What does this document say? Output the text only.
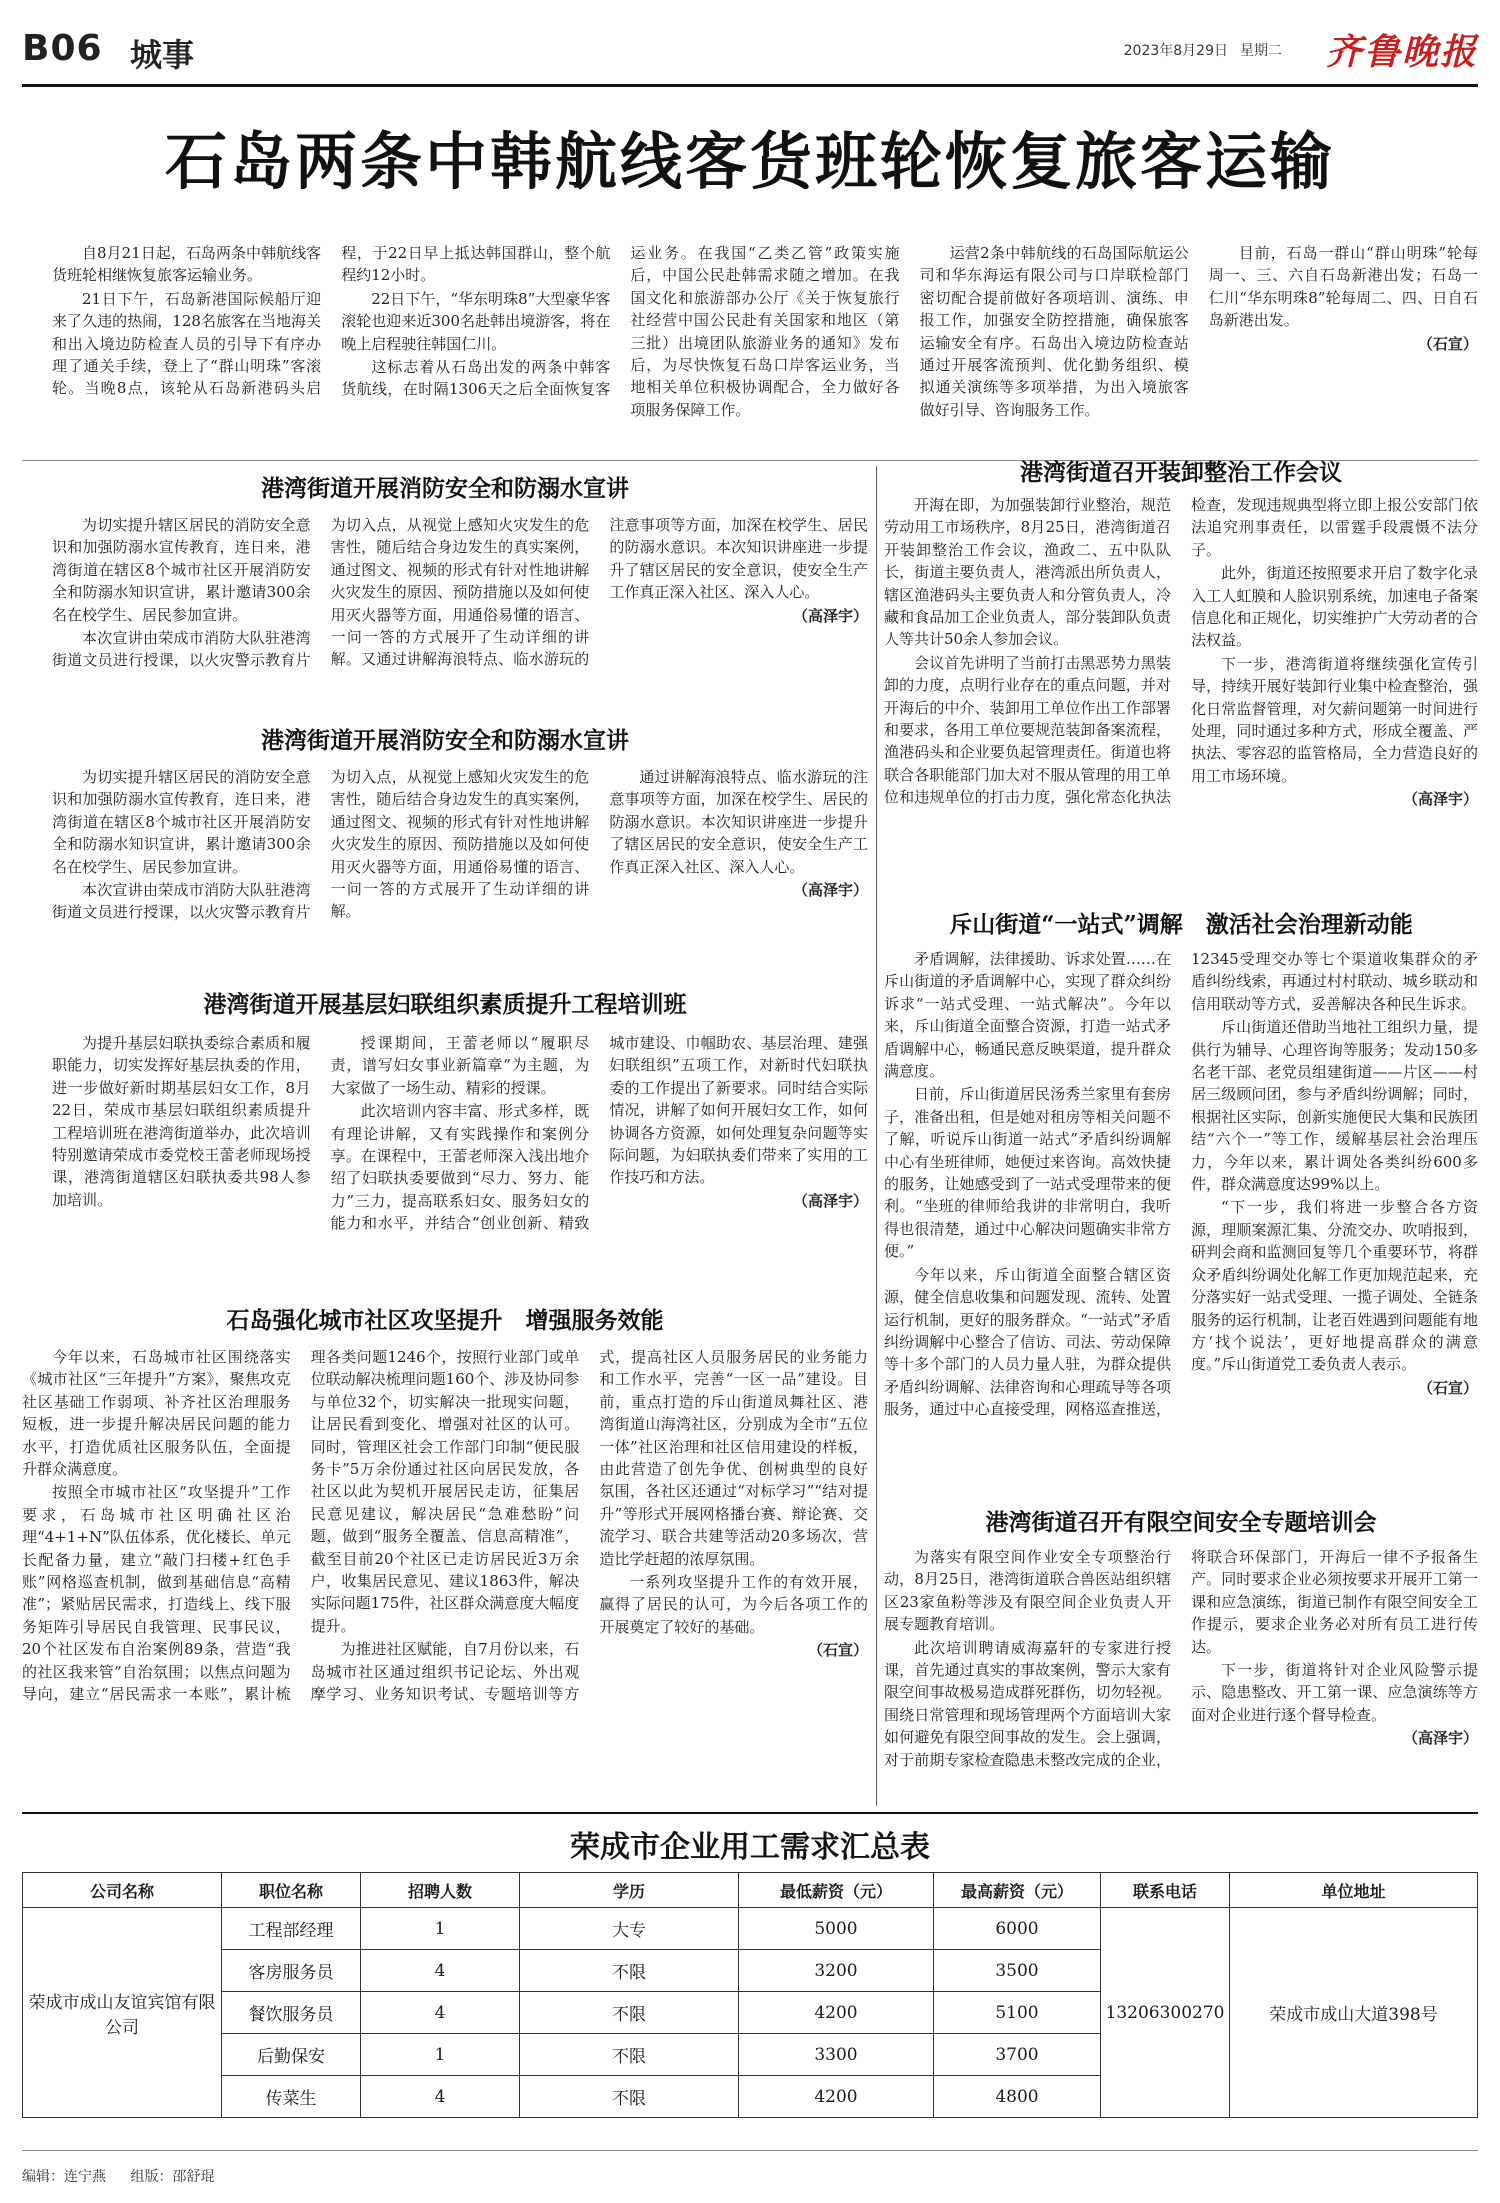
B06 城事	2023年8月29日 星期二 齐鲁晚报
石岛两条中韩航线客货班轮恢复旅客运输

自8月21日起，石岛两条中韩航线客货班轮相继恢复旅客运输业务。

21日下午，石岛新港国际候船厅迎来了久违的热闹，128名旅客在当地海关和出入境边防检查人员的引导下有序办理了通关手续，登上了“群山明珠”客滚轮。当晚8点，该轮从石岛新港码头启程，于22日早上抵达韩国群山，整个航程约12小时。

22日下午，“华东明珠8”大型豪华客滚轮也迎来近300名赴韩出境游客，将在晚上启程驶往韩国仁川。

这标志着从石岛出发的两条中韩客货航线，在时隔1306天之后全面恢复客运业务。在我国“乙类乙管”政策实施后，中国公民赴韩需求随之增加。在我国文化和旅游部办公厅《关于恢复旅行社经营中国公民赴有关国家和地区（第三批）出境团队旅游业务的通知》发布后，为尽快恢复石岛口岸客运业务，当地相关单位积极协调配合，全力做好各项服务保障工作。

运营2条中韩航线的石岛国际航运公司和华东海运有限公司与口岸联检部门密切配合提前做好各项培训、演练、申报工作，加强安全防控措施，确保旅客运输安全有序。石岛出入境边防检查站通过开展客流预判、优化勤务组织、模拟通关演练等多项举措，为出入境旅客做好引导、咨询服务工作。

目前，石岛一群山“群山明珠”轮每周一、三、六自石岛新港出发；石岛一仁川“华东明珠8”轮每周二、四、日自石岛新港出发。

（石宣）

港湾街道开展消防安全和防溺水宣讲

为切实提升辖区居民的消防安全意识和加强防溺水宣传教育，连日来，港湾街道在辖区8个城市社区开展消防安全和防溺水知识宣讲，累计邀请300余名在校学生、居民参加宣讲。

本次宣讲由荣成市消防大队驻港湾街道文员进行授课，以火灾警示教育片为切入点，从视觉上感知火灾发生的危害性，随后结合身边发生的真实案例，通过图文、视频的形式有针对性地讲解火灾发生的原因、预防措施以及如何使用灭火器等方面，用通俗易懂的语言、一问一答的方式展开了生动详细的讲解。又通过讲解海浪特点、临水游玩的注意事项等方面，加深在校学生、居民的防溺水意识。本次知识讲座进一步提升了辖区居民的安全意识，使安全生产工作真正深入社区、深入人心。

（高泽宇）

港湾街道开展消防安全和防溺水宣讲

为切实提升辖区居民的消防安全意识和加强防溺水宣传教育，连日来，港湾街道在辖区8个城市社区开展消防安全和防溺水知识宣讲，累计邀请300余名在校学生、居民参加宣讲。

本次宣讲由荣成市消防大队驻港湾街道文员进行授课，以火灾警示教育片为切入点，从视觉上感知火灾发生的危害性，随后结合身边发生的真实案例，通过图文、视频的形式有针对性地讲解火灾发生的原因、预防措施以及如何使用灭火器等方面，用通俗易懂的语言、一问一答的方式展开了生动详细的讲解。

通过讲解海浪特点、临水游玩的注意事项等方面，加深在校学生、居民的防溺水意识。本次知识讲座进一步提升了辖区居民的安全意识，使安全生产工作真正深入社区、深入人心。

（高泽宇）

港湾街道开展基层妇联组织素质提升工程培训班

为提升基层妇联执委综合素质和履职能力，切实发挥好基层执委的作用，进一步做好新时期基层妇女工作，8月22日，荣成市基层妇联组织素质提升工程培训班在港湾街道举办，此次培训特别邀请荣成市委党校王蕾老师现场授课，港湾街道辖区妇联执委共98人参加培训。

授课期间，王蕾老师以“履职尽责，谱写妇女事业新篇章”为主题，为大家做了一场生动、精彩的授课。

此次培训内容丰富、形式多样，既有理论讲解，又有实践操作和案例分享。在课程中，王蕾老师深入浅出地介绍了妇联执委要做到“尽力、努力、能力”三力，提高联系妇女、服务妇女的能力和水平，并结合“创业创新、精致城市建设、巾帼助农、基层治理、建强妇联组织”五项工作，对新时代妇联执委的工作提出了新要求。同时结合实际情况，讲解了如何开展妇女工作，如何协调各方资源，如何处理复杂问题等实际问题，为妇联执委们带来了实用的工作技巧和方法。

（高泽宇）

石岛强化城市社区攻坚提升　增强服务效能

今年以来，石岛城市社区围绕落实《城市社区“三年提升”方案》，聚焦攻克社区基础工作弱项、补齐社区治理服务短板，进一步提升解决居民问题的能力水平，打造优质社区服务队伍，全面提升群众满意度。

按照全市城市社区“攻坚提升”工作要求，石岛城市社区明确社区治理“4+1+N”队伍体系，优化楼长、单元长配备力量，建立“敲门扫楼+红色手账”网格巡查机制，做到基础信息“高精准”；紧贴居民需求，打造线上、线下服务矩阵引导居民自我管理、民事民议，20个社区发布自治案例89条，营造“我的社区我来管”自治氛围；以焦点问题为导向，建立“居民需求一本账”，累计梳理各类问题1246个，按照行业部门或单位联动解决梳理问题160个、涉及协同参与单位32个，切实解决一批现实问题，让居民看到变化、增强对社区的认可。同时，管理区社会工作部门印制“便民服务卡”5万余份通过社区向居民发放，各社区以此为契机开展居民走访，征集居民意见建议，解决居民“急难愁盼”问题，做到“服务全覆盖、信息高精准”，截至目前20个社区已走访居民近3万余户，收集居民意见、建议1863件，解决实际问题175件，社区群众满意度大幅度提升。

为推进社区赋能，自7月份以来，石岛城市社区通过组织书记论坛、外出观摩学习、业务知识考试、专题培训等方式，提高社区人员服务居民的业务能力和工作水平，完善“一区一品”建设。目前，重点打造的斥山街道凤舞社区、港湾街道山海湾社区，分别成为全市“五位一体”社区治理和社区信用建设的样板，由此营造了创先争优、创树典型的良好氛围，各社区还通过“对标学习”“结对提升”等形式开展网格播台赛、辩论赛、交流学习、联合共建等活动20多场次，营造比学赶超的浓厚氛围。

一系列攻坚提升工作的有效开展，赢得了居民的认可，为今后各项工作的开展奠定了较好的基础。

（石宣）

港湾街道召开装卸整治工作会议

开海在即，为加强装卸行业整治，规范劳动用工市场秩序，8月25日，港湾街道召开装卸整治工作会议，渔政二、五中队队长，街道主要负责人，港湾派出所负责人，辖区渔港码头主要负责人和分管负责人，冷藏和食品加工企业负责人，部分装卸队负责人等共计50余人参加会议。

会议首先讲明了当前打击黑恶势力黑装卸的力度，点明行业存在的重点问题，并对开海后的中介、装卸用工单位作出工作部署和要求，各用工单位要规范装卸备案流程，渔港码头和企业要负起管理责任。街道也将联合各职能部门加大对不服从管理的用工单位和违规单位的打击力度，强化常态化执法检查，发现违规典型将立即上报公安部门依法追究刑事责任，以雷霆手段震慑不法分子。

此外，街道还按照要求开启了数字化录入工人虹膜和人脸识别系统，加速电子备案信息化和正规化，切实维护广大劳动者的合法权益。

下一步，港湾街道将继续强化宣传引导，持续开展好装卸行业集中检查整治，强化日常监督管理，对欠薪问题第一时间进行处理，同时通过多种方式，形成全覆盖、严执法、零容忍的监管格局，全力营造良好的用工市场环境。

（高泽宇）

斥山街道“一站式”调解　激活社会治理新动能

矛盾调解，法律援助、诉求处置……在斥山街道的矛盾调解中心，实现了群众纠纷诉求“一站式受理、一站式解决”。今年以来，斥山街道全面整合资源，打造一站式矛盾调解中心，畅通民意反映渠道，提升群众满意度。

日前，斥山街道居民汤秀兰家里有套房子，准备出租，但是她对租房等相关问题不了解，听说斥山街道一站式”矛盾纠纷调解中心有坐班律师，她便过来咨询。高效快捷的服务，让她感受到了一站式受理带来的便利。“坐班的律师给我讲的非常明白，我听得也很清楚，通过中心解决问题确实非常方便。”

今年以来，斥山街道全面整合辖区资源，健全信息收集和问题发现、流转、处置运行机制，更好的服务群众。“一站式”矛盾纠纷调解中心整合了信访、司法、劳动保障等十多个部门的人员力量人驻，为群众提供矛盾纠纷调解、法律咨询和心理疏导等各项服务，通过中心直接受理，网格巡查推送，12345受理交办等七个渠道收集群众的矛盾纠纷线索，再通过村村联动、城乡联动和信用联动等方式，妥善解决各种民生诉求。

斥山街道还借助当地社工组织力量，提供行为辅导、心理咨询等服务；发动150多名老干部、老党员组建街道——片区——村居三级顾问团，参与矛盾纠纷调解；同时，根据社区实际，创新实施便民大集和民族团结“六个一”等工作，缓解基层社会治理压力，今年以来，累计调处各类纠纷600多件，群众满意度达99%以上。

“下一步，我们将进一步整合各方资源，理顺案源汇集、分流交办、吹哨报到，研判会商和监测回复等几个重要环节，将群众矛盾纠纷调处化解工作更加规范起来，充分落实好一站式受理、一揽子调处、全链条服务的运行机制，让老百姓遇到问题能有地方‘找个说法’，更好地提高群众的满意度。”斥山街道党工委负责人表示。

（石宣）

港湾街道召开有限空间安全专题培训会

为落实有限空间作业安全专项整治行动，8月25日，港湾街道联合兽医站组织辖区23家鱼粉等涉及有限空间企业负责人开展专题教育培训。

此次培训聘请威海嘉轩的专家进行授课，首先通过真实的事故案例，警示大家有限空间事故极易造成群死群伤，切勿轻视。围绕日常管理和现场管理两个方面培训大家如何避免有限空间事故的发生。会上强调，对于前期专家检查隐患未整改完成的企业，将联合环保部门，开海后一律不予报备生产。同时要求企业必须按要求开展开工第一课和应急演练，街道已制作有限空间安全工作提示，要求企业务必对所有员工进行传达。

下一步，街道将针对企业风险警示提示、隐患整改、开工第一课、应急演练等方面对企业进行逐个督导检查。

（高泽宇）

荣成市企业用工需求汇总表
公司名称	职位名称	招聘人数	学历	最低薪资（元）	最高薪资（元）	联系电话	单位地址
荣成市成山友谊宾馆有限公司	工程部经理	1	大专	5000	6000	13206300270	荣成市成山大道398号
	客房服务员	4	不限	3200	3500		
	餐饮服务员	4	不限	4200	5100		
	后勤保安	1	不限	3300	3700		
	传菜生	4	不限	4200	4800		
编辑：连宁燕 组版：邵舒琨
